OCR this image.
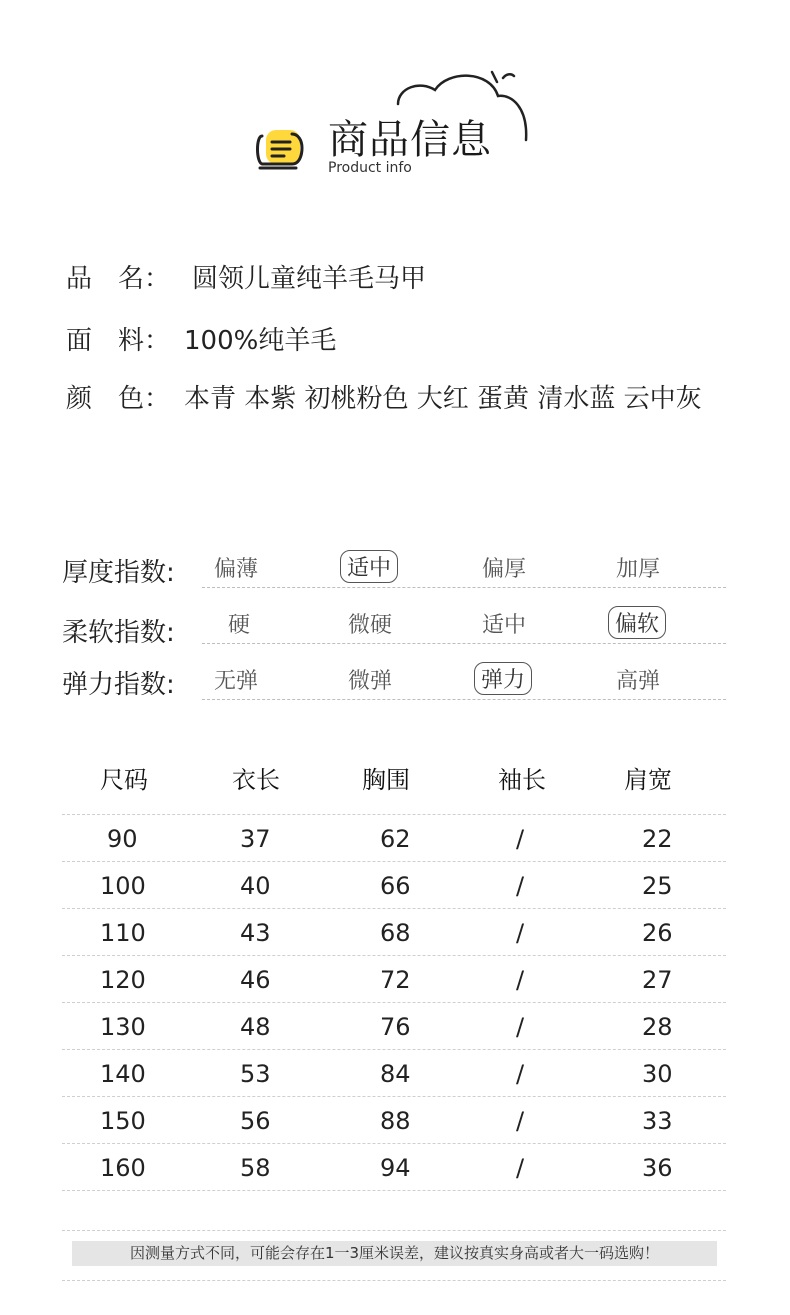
商品信息
Product info
品　名： 圆领儿童纯羊毛马甲
面　料： 100%纯羊毛
颜　色： 本青 本紫 初桃粉色 大红 蛋黄 清水蓝 云中灰
厚度指数: 偏薄	适中	偏厚	加厚
柔软指数: 硬	微硬	适中	偏软
弹力指数: 无弹	微弹	弹力	高弹
尺码	衣长	胸围	袖长	肩宽
90	37	62	/	22
100	40	66	/	25
110	43	68	/	26
120	46	72	/	27
130	48	76	/	28
140	53	84	/	30
150	56	88	/	33
160	58	94	/	36
因测量方式不同，可能会存在1一3厘米误差，建议按真实身高或者大一码选购！
